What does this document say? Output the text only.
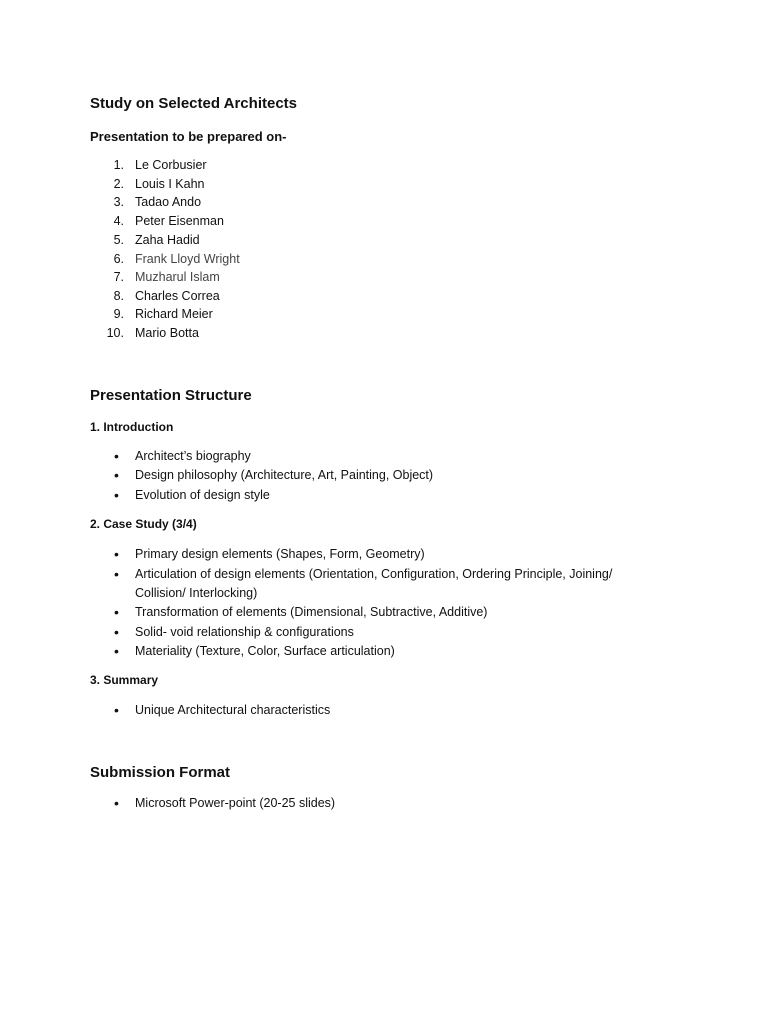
Study on Selected Architects
Presentation to be prepared on-
1. Le Corbusier
2. Louis I Kahn
3. Tadao Ando
4. Peter Eisenman
5. Zaha Hadid
6. Frank Lloyd Wright
7. Muzharul Islam
8. Charles Correa
9. Richard Meier
10. Mario Botta
Presentation Structure
1. Introduction
• Architect’s biography
• Design philosophy (Architecture, Art, Painting, Object)
• Evolution of design style
2. Case Study (3/4)
• Primary design elements (Shapes, Form, Geometry)
• Articulation of design elements (Orientation, Configuration, Ordering Principle, Joining/
Collision/ Interlocking)
• Transformation of elements (Dimensional, Subtractive, Additive)
• Solid- void relationship & configurations
• Materiality (Texture, Color, Surface articulation)
3. Summary
• Unique Architectural characteristics
Submission Format
• Microsoft Power-point (20-25 slides)
